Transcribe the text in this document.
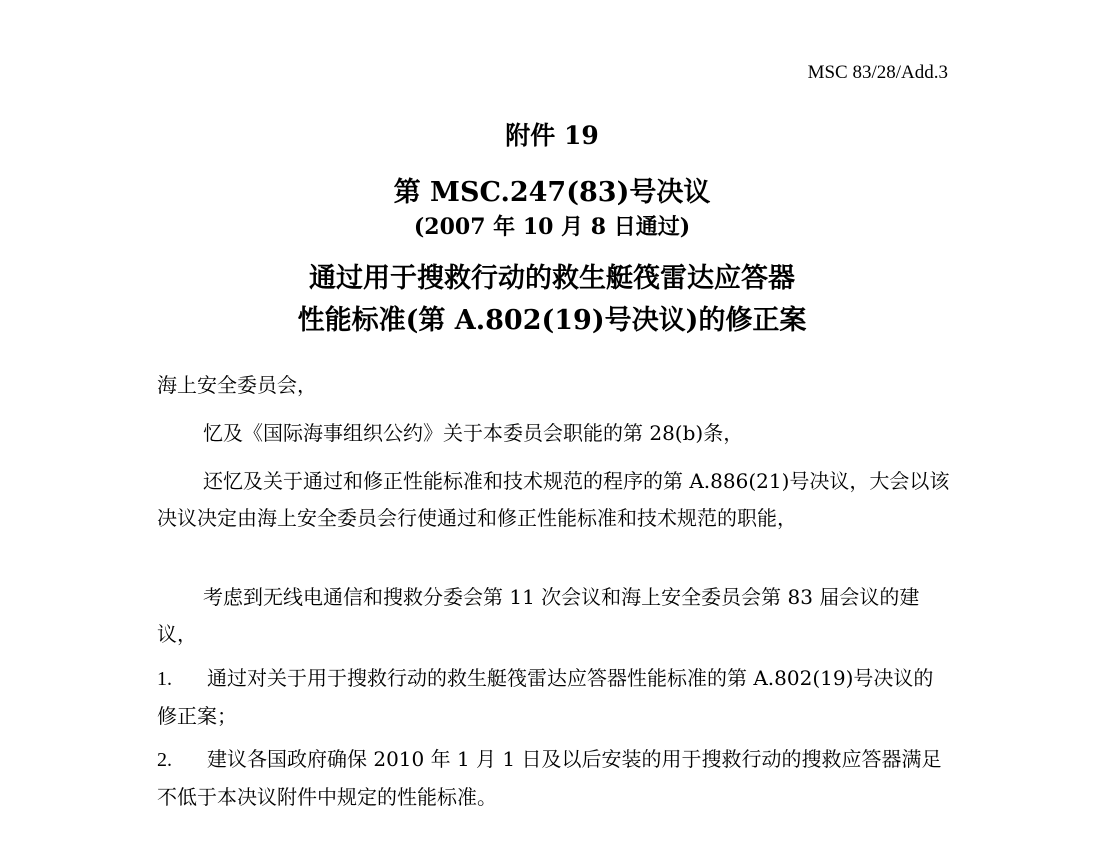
MSC 83/28/Add.3
附件 19
第 MSC.247(83)号决议
(2007 年 10 月 8 日通过)
通过用于搜救行动的救生艇筏雷达应答器
性能标准(第 A.802(19)号决议)的修正案
海上安全委员会，
忆及《国际海事组织公约》关于本委员会职能的第 28(b)条，
还忆及关于通过和修正性能标准和技术规范的程序的第 A.886(21)号决议，大会以该决议决定由海上安全委员会行使通过和修正性能标准和技术规范的职能，
考虑到无线电通信和搜救分委会第 11 次会议和海上安全委员会第 83 届会议的建议，
1. 通过对关于用于搜救行动的救生艇筏雷达应答器性能标准的第 A.802(19)号决议的修正案；
2. 建议各国政府确保 2010 年 1 月 1 日及以后安装的用于搜救行动的搜救应答器满足不低于本决议附件中规定的性能标准。
